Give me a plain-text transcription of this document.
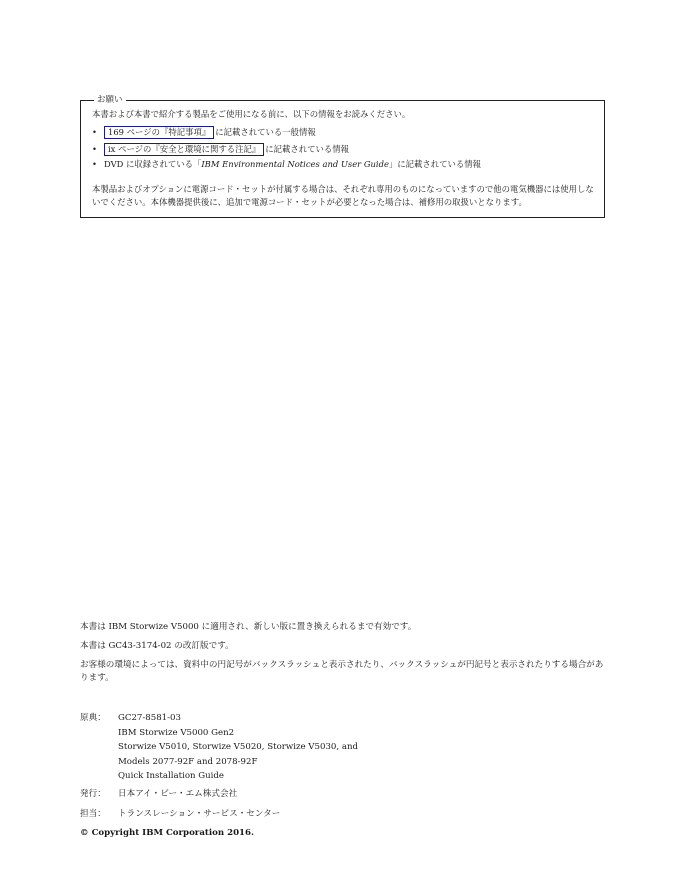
お願い
本書および本書で紹介する製品をご使用になる前に、以下の情報をお読みください。
• 169 ページの『特記事項』 に記載されている一般情報
• ix ページの『安全と環境に関する注記』 に記載されている情報
• DVD に収録されている「IBM Environmental Notices and User Guide」に記載されている情報
本製品およびオプションに電源コード・セットが付属する場合は、それぞれ専用のものになっていますので他の電気機器には使用しないでください。本体機器提供後に、追加で電源コード・セットが必要となった場合は、補修用の取扱いとなります。
本書は IBM Storwize V5000 に適用され、新しい版に置き換えられるまで有効です。
本書は GC43-3174-02 の改訂版です。
お客様の環境によっては、資料中の円記号がバックスラッシュと表示されたり、バックスラッシュが円記号と表示されたりする場合があります。
原典：	GC27-8581-03
IBM Storwize V5000 Gen2
Storwize V5010, Storwize V5020, Storwize V5030, and
Models 2077-92F and 2078-92F
Quick Installation Guide
発行：	日本アイ・ビー・エム株式会社
担当：	トランスレーション・サービス・センター
© Copyright IBM Corporation 2016.
